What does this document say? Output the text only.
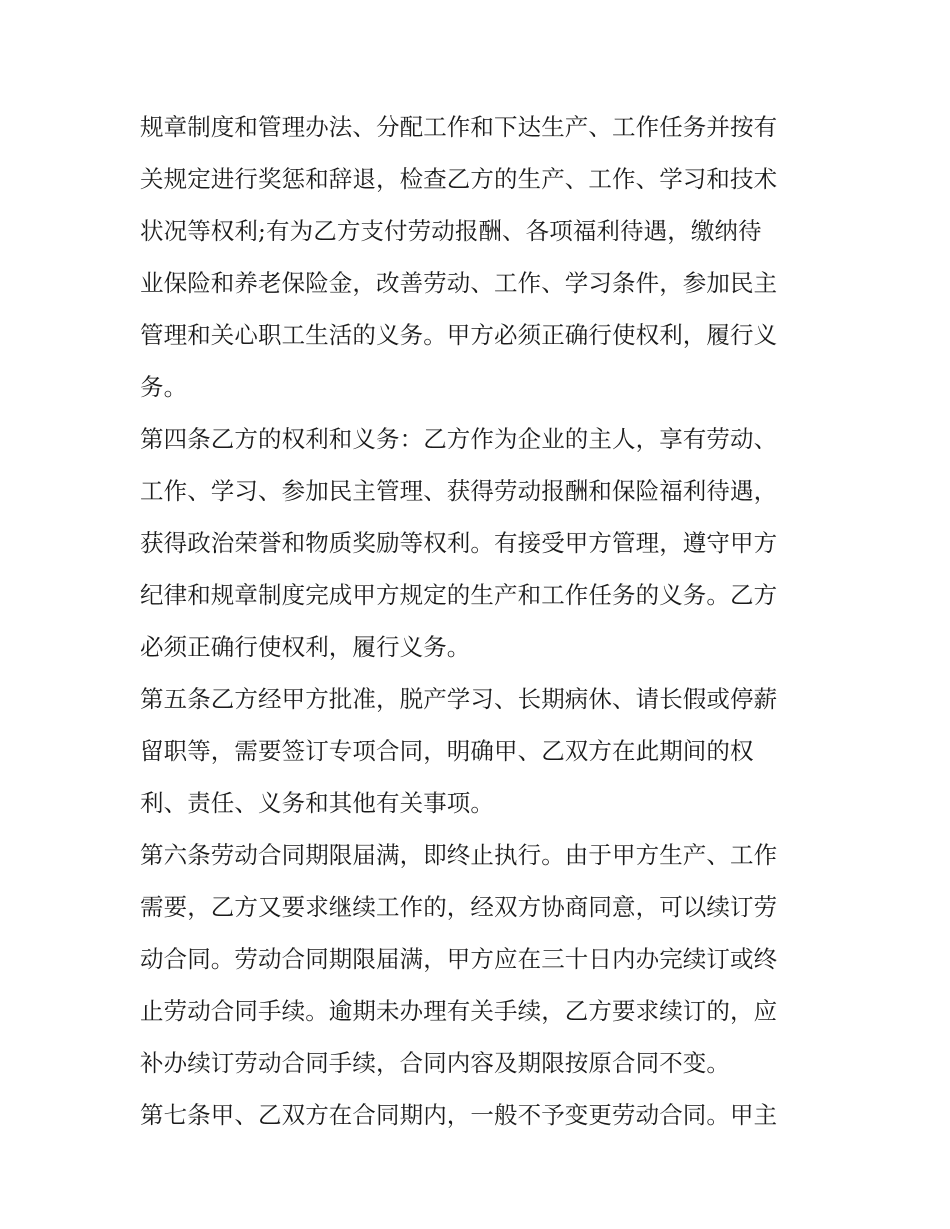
规章制度和管理办法、分配工作和下达生产、工作任务并按有
关规定进行奖惩和辞退，检查乙方的生产、工作、学习和技术
状况等权利;有为乙方支付劳动报酬、各项福利待遇，缴纳待
业保险和养老保险金，改善劳动、工作、学习条件，参加民主
管理和关心职工生活的义务。甲方必须正确行使权利，履行义
务。
第四条乙方的权利和义务：乙方作为企业的主人，享有劳动、
工作、学习、参加民主管理、获得劳动报酬和保险福利待遇，
获得政治荣誉和物质奖励等权利。有接受甲方管理，遵守甲方
纪律和规章制度完成甲方规定的生产和工作任务的义务。乙方
必须正确行使权利，履行义务。
第五条乙方经甲方批准，脱产学习、长期病休、请长假或停薪
留职等，需要签订专项合同，明确甲、乙双方在此期间的权
利、责任、义务和其他有关事项。
第六条劳动合同期限届满，即终止执行。由于甲方生产、工作
需要，乙方又要求继续工作的，经双方协商同意，可以续订劳
动合同。劳动合同期限届满，甲方应在三十日内办完续订或终
止劳动合同手续。逾期未办理有关手续，乙方要求续订的，应
补办续订劳动合同手续，合同内容及期限按原合同不变。
第七条甲、乙双方在合同期内，一般不予变更劳动合同。甲主
